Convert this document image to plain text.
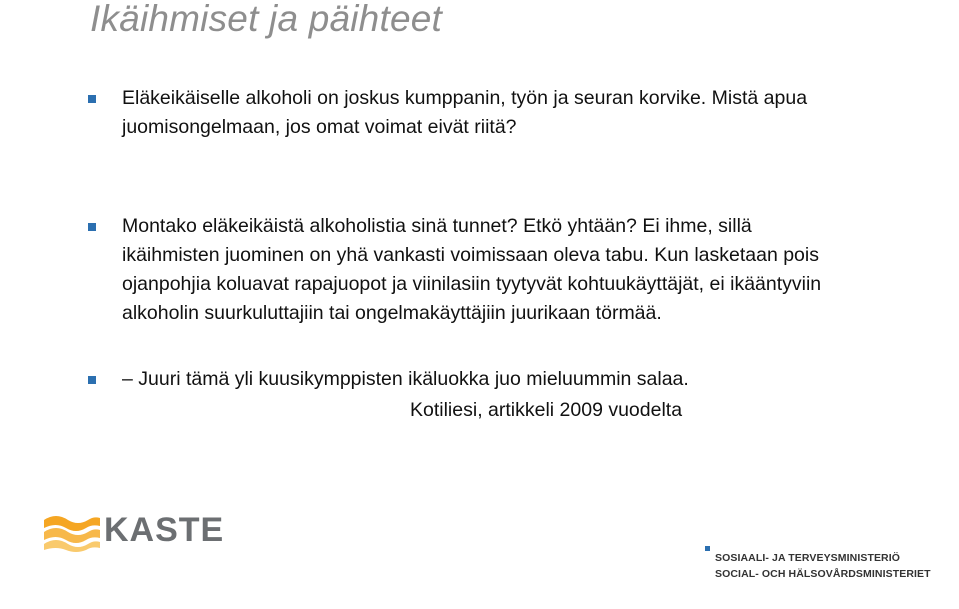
Ikäihmiset ja päihteet
Eläkeikäiselle alkoholi on joskus kumppanin, työn ja seuran korvike. Mistä apua juomisongelmaan, jos omat voimat eivät riitä?
Montako eläkeikäistä alkoholistia sinä tunnet? Etkö yhtään? Ei ihme, sillä ikäihmisten juominen on yhä vankasti voimissaan oleva tabu. Kun lasketaan pois ojanpohjia koluavat rapajuopot ja viinilasiin tyytyvät kohtuukäyttäjät, ei ikääntyviin alkoholin suurkuluttajiin tai ongelmakäyttäjiin juurikaan törmää.
– Juuri tämä yli kuusikymppisten ikäluokka juo mieluummin salaa.
Kotiliesi, artikkeli 2009 vuodelta
KASTE
SOSIAALI- JA TERVEYSMINISTERIÖ
SOCIAL- OCH HÄLSOVÅRDSMINISTERIET
